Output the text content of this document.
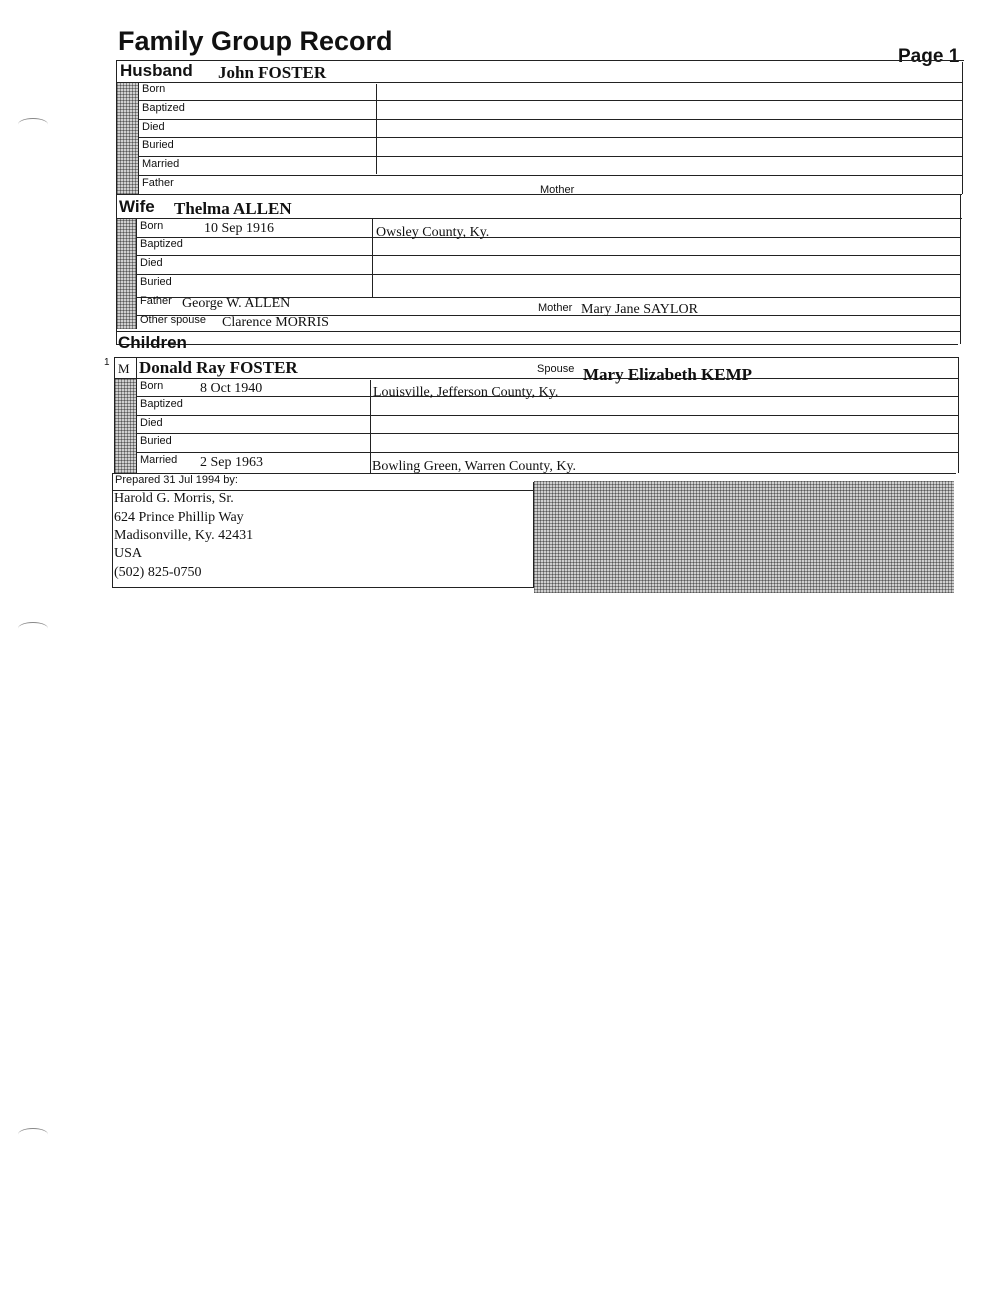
Family Group Record
Page 1
Husband John FOSTER
Born
Baptized
Died
Buried
Married
Father
Mother
Wife Thelma ALLEN
Born	10 Sep 1916	Owsley County, Ky.
Baptized
Died
Buried
Father George W. ALLEN	Mother Mary Jane SAYLOR
Other spouse Clarence MORRIS
Children
1 M Donald Ray FOSTER	Spouse Mary Elizabeth KEMP
Born	8 Oct 1940	Louisville, Jefferson County, Ky.
Baptized
Died
Buried
Married 2 Sep 1963	Bowling Green, Warren County, Ky.
Prepared 31 Jul 1994 by:
Harold G. Morris, Sr.
624 Prince Phillip Way
Madisonville, Ky. 42431
USA
(502) 825-0750
